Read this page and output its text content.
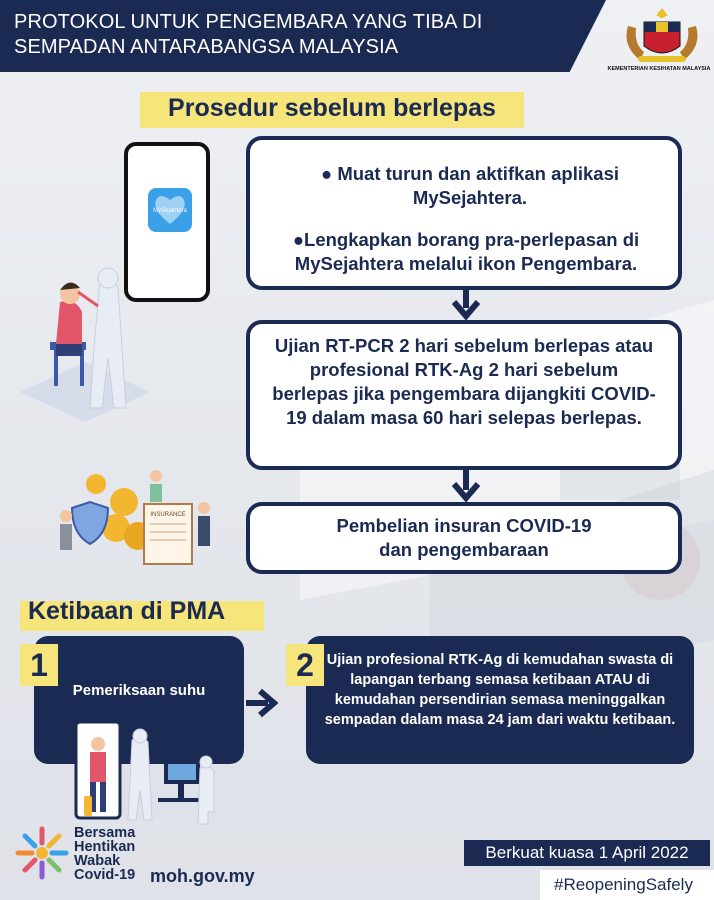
PROTOKOL UNTUK PENGEMBARA YANG TIBA DI SEMPADAN ANTARABANGSA MALAYSIA
KEMENTERIAN KESIHATAN MALAYSIA
Prosedur sebelum berlepas
MySejahtera
● Muat turun dan aktifkan aplikasi MySejahtera.
●Lengkapkan borang pra-perlepasan di MySejahtera melalui ikon Pengembara.
Ujian RT-PCR 2 hari sebelum berlepas atau profesional RTK-Ag 2 hari sebelum berlepas jika pengembara dijangkiti COVID-19 dalam masa 60 hari selepas berlepas.
INSURANCE	Pembelian insuran COVID-19 dan pengembaraan
Ketibaan di PMA
Pemeriksaan suhu
1	Ujian profesional RTK-Ag di kemudahan swasta di lapangan terbang semasa ketibaan ATAU di kemudahan persendirian semasa meninggalkan sempadan dalam masa 24 jam dari waktu ketibaan.
2
Bersama
Hentikan
Wabak
Covid-19 moh.gov.my
Berkuat kuasa 1 April 2022
#ReopeningSafely
